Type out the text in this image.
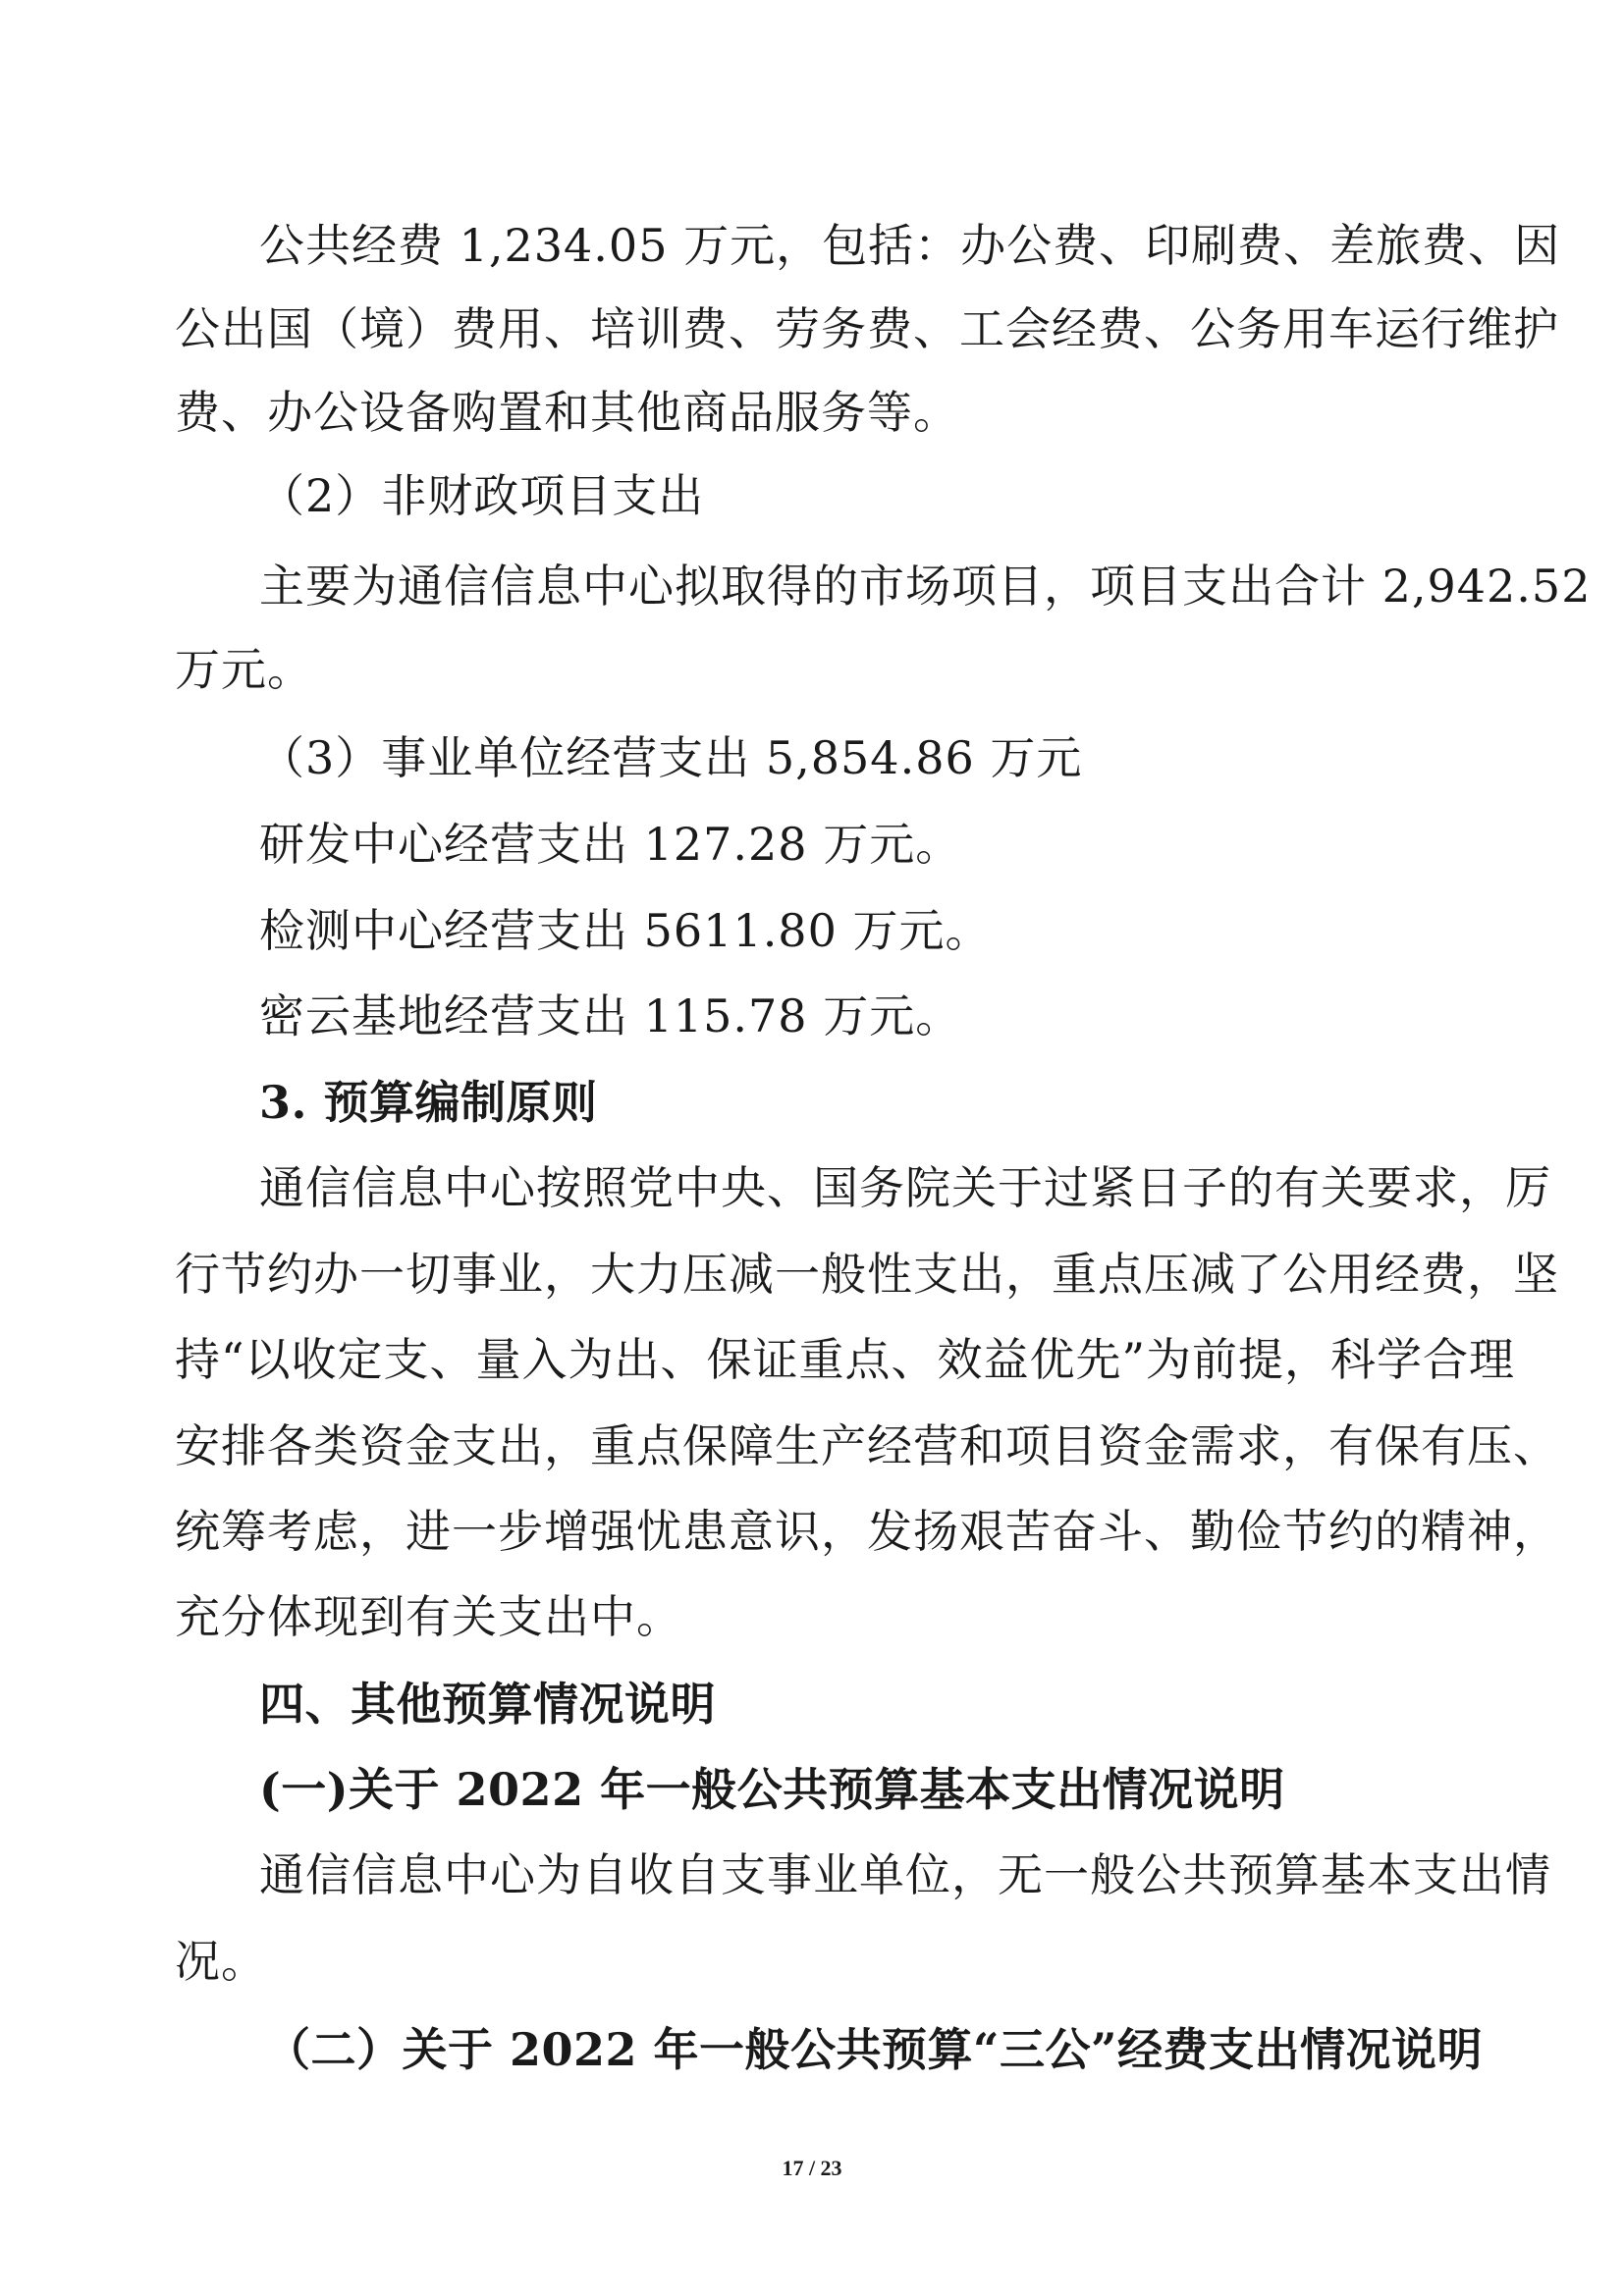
公共经费 1,234.05 万元，包括：办公费、印刷费、差旅费、因
公出国（境）费用、培训费、劳务费、工会经费、公务用车运行维护
费、办公设备购置和其他商品服务等。
（2）非财政项目支出
主要为通信信息中心拟取得的市场项目，项目支出合计 2,942.52
万元。
（3）事业单位经营支出 5,854.86 万元
研发中心经营支出 127.28 万元。
检测中心经营支出 5611.80 万元。
密云基地经营支出 115.78 万元。
3. 预算编制原则
通信信息中心按照党中央、国务院关于过紧日子的有关要求，厉
行节约办一切事业，大力压减一般性支出，重点压减了公用经费，坚
持“以收定支、量入为出、保证重点、效益优先”为前提，科学合理
安排各类资金支出，重点保障生产经营和项目资金需求，有保有压、
统筹考虑，进一步增强忧患意识，发扬艰苦奋斗、勤俭节约的精神，
充分体现到有关支出中。
四、其他预算情况说明
(一)关于 2022 年一般公共预算基本支出情况说明
通信信息中心为自收自支事业单位，无一般公共预算基本支出情
况。
（二）关于 2022 年一般公共预算“三公”经费支出情况说明
17 / 23
